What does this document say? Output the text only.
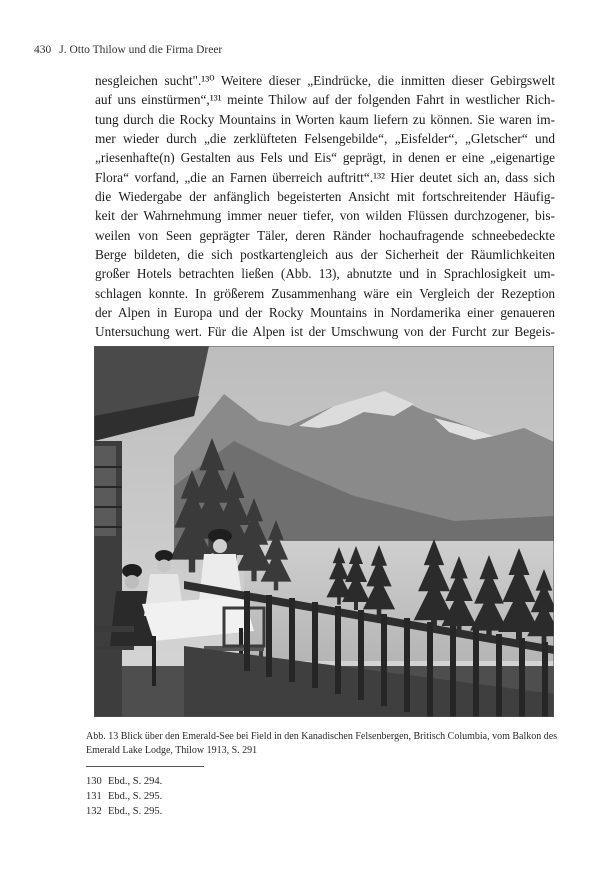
430 J. Otto Thilow und die Firma Dreer
nesgleichen sucht".¹³⁰ Weitere dieser „Eindrücke, die inmitten dieser Gebirgswelt
auf uns einstürmen“,¹³¹ meinte Thilow auf der folgenden Fahrt in westlicher Rich-
tung durch die Rocky Mountains in Worten kaum liefern zu können. Sie waren im-
mer wieder durch „die zerklüfteten Felsengebilde“, „Eisfelder“, „Gletscher“ und
„riesenhafte(n) Gestalten aus Fels und Eis“ geprägt, in denen er eine „eigenartige
Flora“ vorfand, „die an Farnen überreich auftritt“.¹³² Hier deutet sich an, dass sich
die Wiedergabe der anfänglich begeisterten Ansicht mit fortschreitender Häufig-
keit der Wahrnehmung immer neuer tiefer, von wilden Flüssen durchzogener, bis-
weilen von Seen geprägter Täler, deren Ränder hochaufragende schneebedeckte
Berge bildeten, die sich postkartengleich aus der Sicherheit der Räumlichkeiten
großer Hotels betrachten ließen (Abb. 13), abnutzte und in Sprachlosigkeit um-
schlagen konnte. In größerem Zusammenhang wäre ein Vergleich der Rezeption
der Alpen in Europa und der Rocky Mountains in Nordamerika einer genaueren
Untersuchung wert. Für die Alpen ist der Umschwung von der Furcht zur Begeis-
Abb. 13 Blick über den Emerald-See bei Field in den Kanadischen Felsenbergen, Britisch Columbia, vom Balkon des Emerald Lake Lodge, Thilow 1913, S. 291
130 Ebd., S. 294.
131 Ebd., S. 295.
132 Ebd., S. 295.
